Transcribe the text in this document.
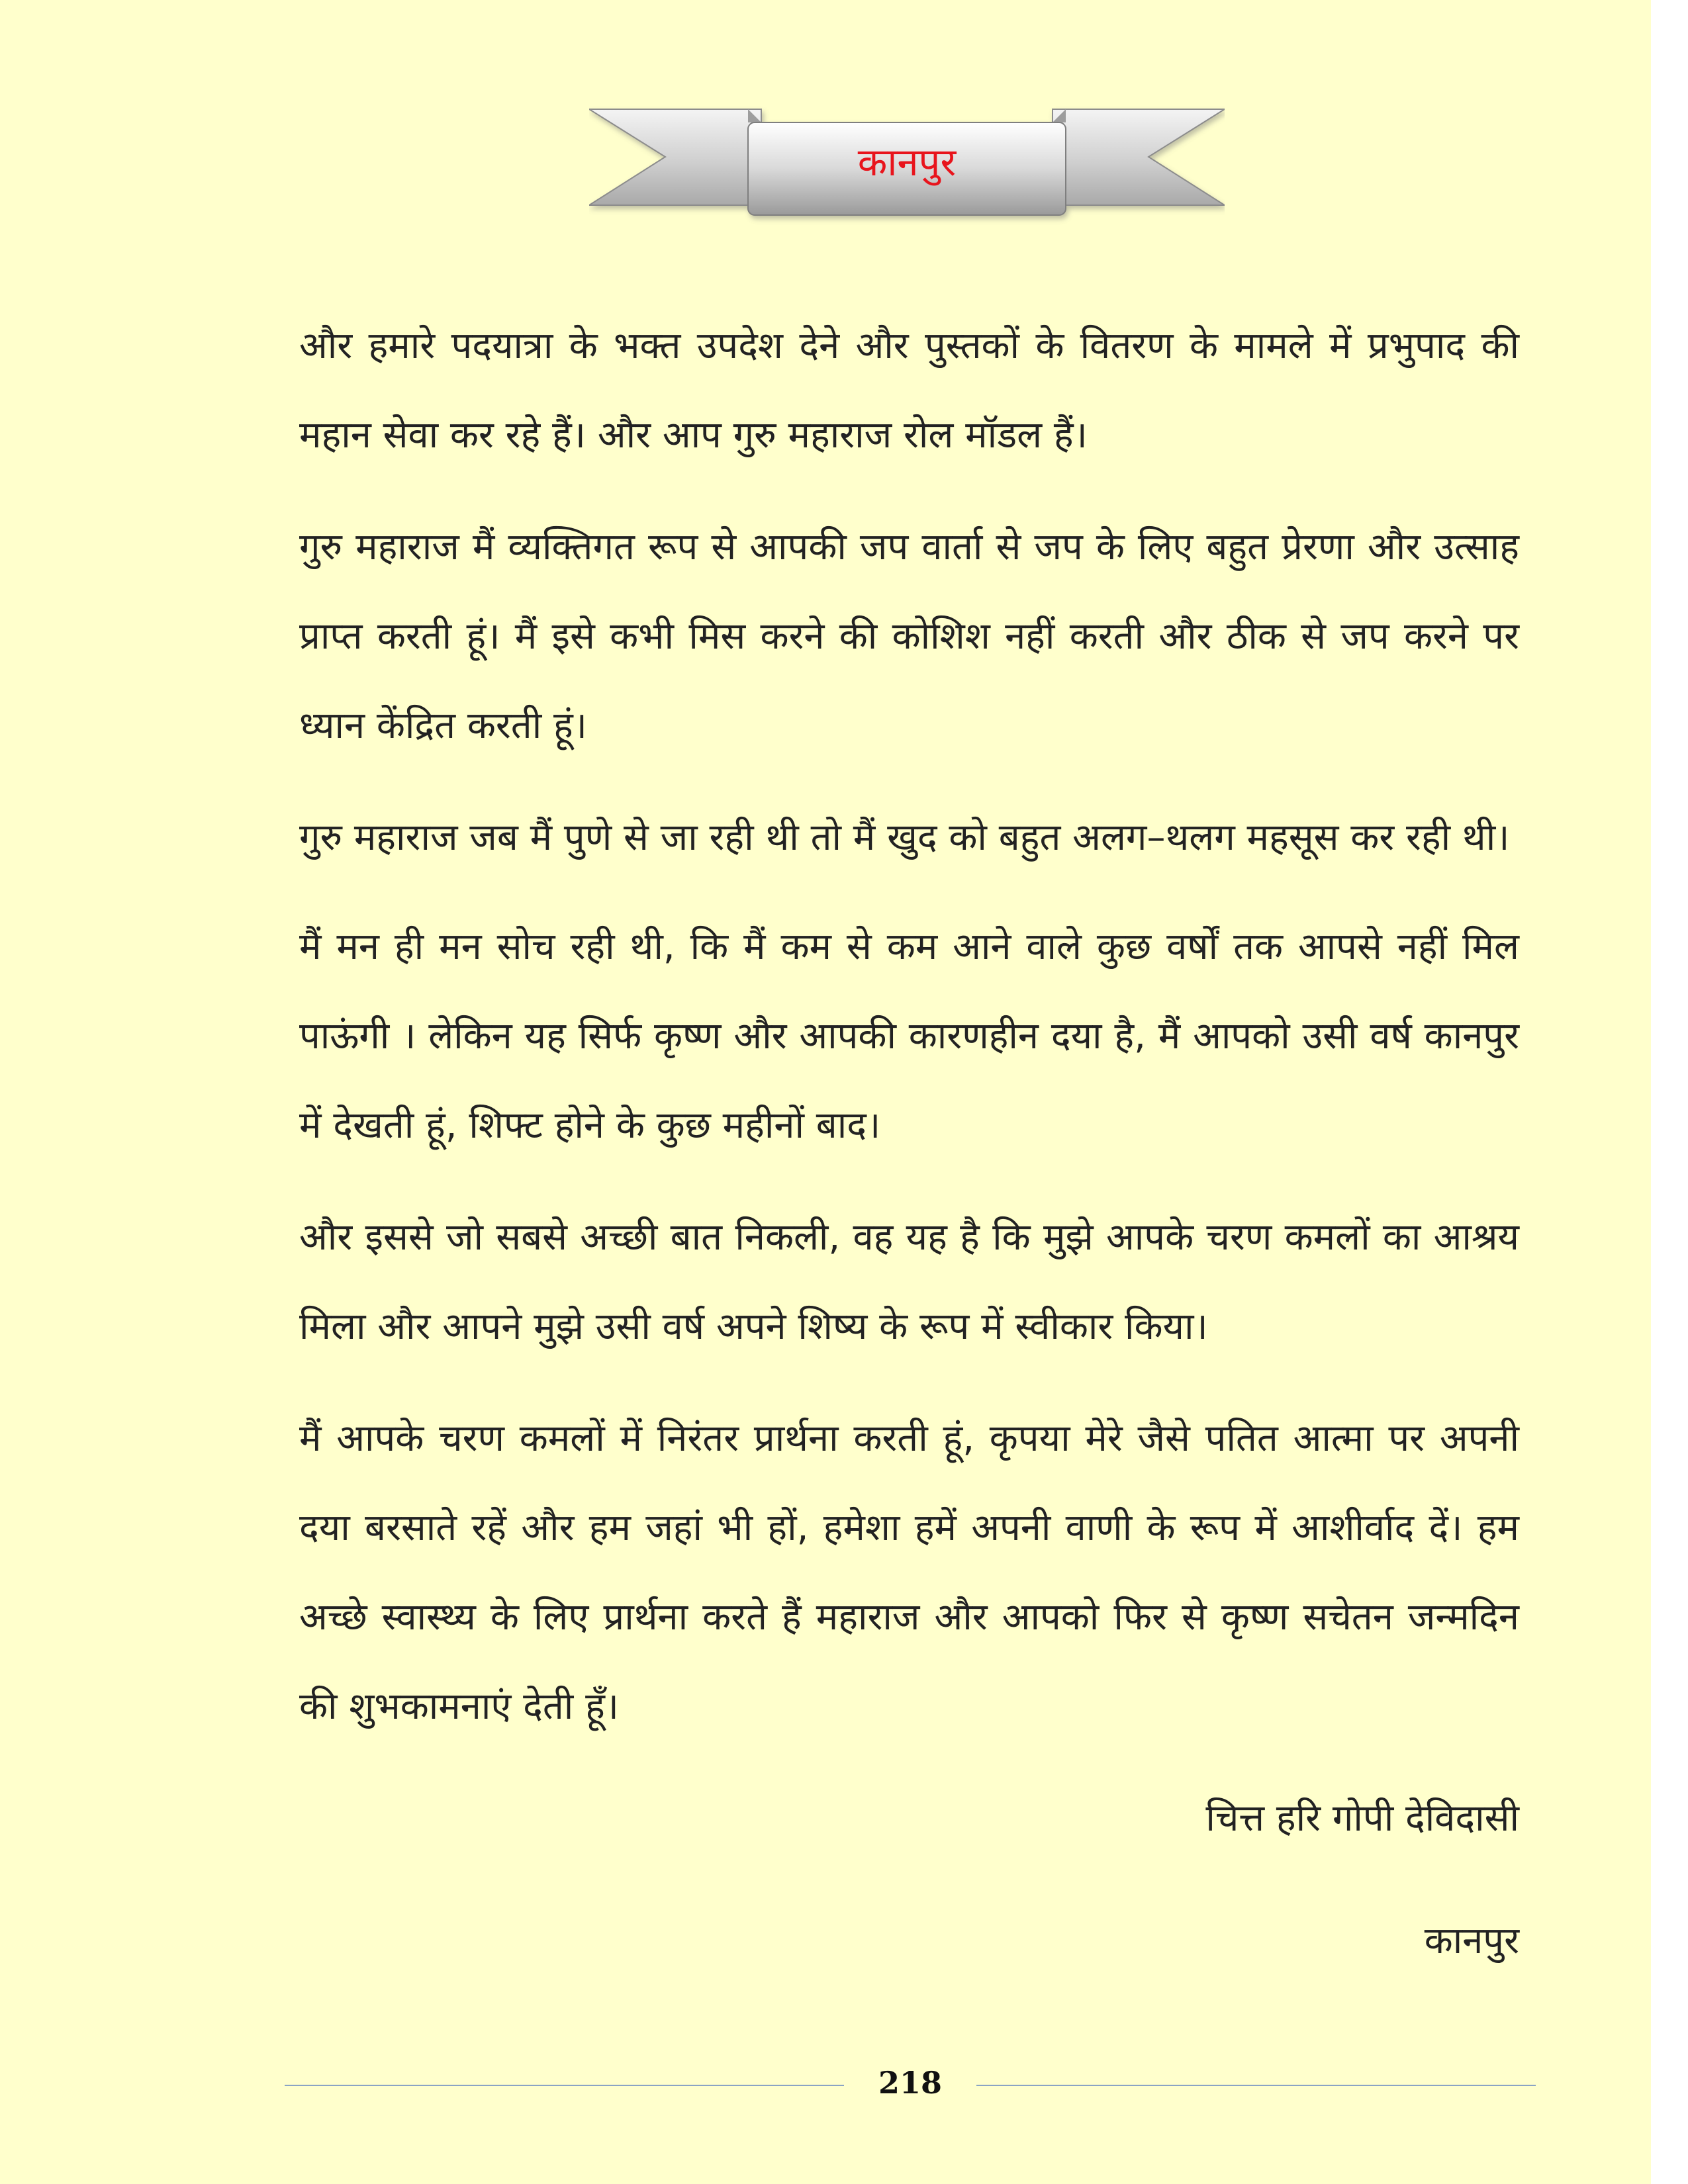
कानपुर

और हमारे पदयात्रा के भक्त उपदेश देने और पुस्तकों के वितरण के मामले में प्रभुपाद की महान सेवा कर रहे हैं। और आप गुरु महाराज रोल मॉडल हैं।

गुरु महाराज मैं व्यक्तिगत रूप से आपकी जप वार्ता से जप के लिए बहुत प्रेरणा और उत्साह प्राप्त करती हूं। मैं इसे कभी मिस करने की कोशिश नहीं करती और ठीक से जप करने पर ध्यान केंद्रित करती हूं।

गुरु महाराज जब मैं पुणे से जा रही थी तो मैं खुद को बहुत अलग–थलग महसूस कर रही थी।

मैं मन ही मन सोच रही थी, कि मैं कम से कम आने वाले कुछ वर्षों तक आपसे नहीं मिल पाऊंगी । लेकिन यह सिर्फ कृष्ण और आपकी कारणहीन दया है, मैं आपको उसी वर्ष कानपुर में देखती हूं, शिफ्ट होने के कुछ महीनों बाद।

और इससे जो सबसे अच्छी बात निकली, वह यह है कि मुझे आपके चरण कमलों का आश्रय मिला और आपने मुझे उसी वर्ष अपने शिष्य के रूप में स्वीकार किया।

मैं आपके चरण कमलों में निरंतर प्रार्थना करती हूं, कृपया मेरे जैसे पतित आत्मा पर अपनी दया बरसाते रहें और हम जहां भी हों, हमेशा हमें अपनी वाणी के रूप में आशीर्वाद दें। हम अच्छे स्वास्थ्य के लिए प्रार्थना करते हैं महाराज और आपको फिर से कृष्ण सचेतन जन्मदिन की शुभकामनाएं देती हूँ।

चित्त हरि गोपी देविदासी

कानपुर

218
